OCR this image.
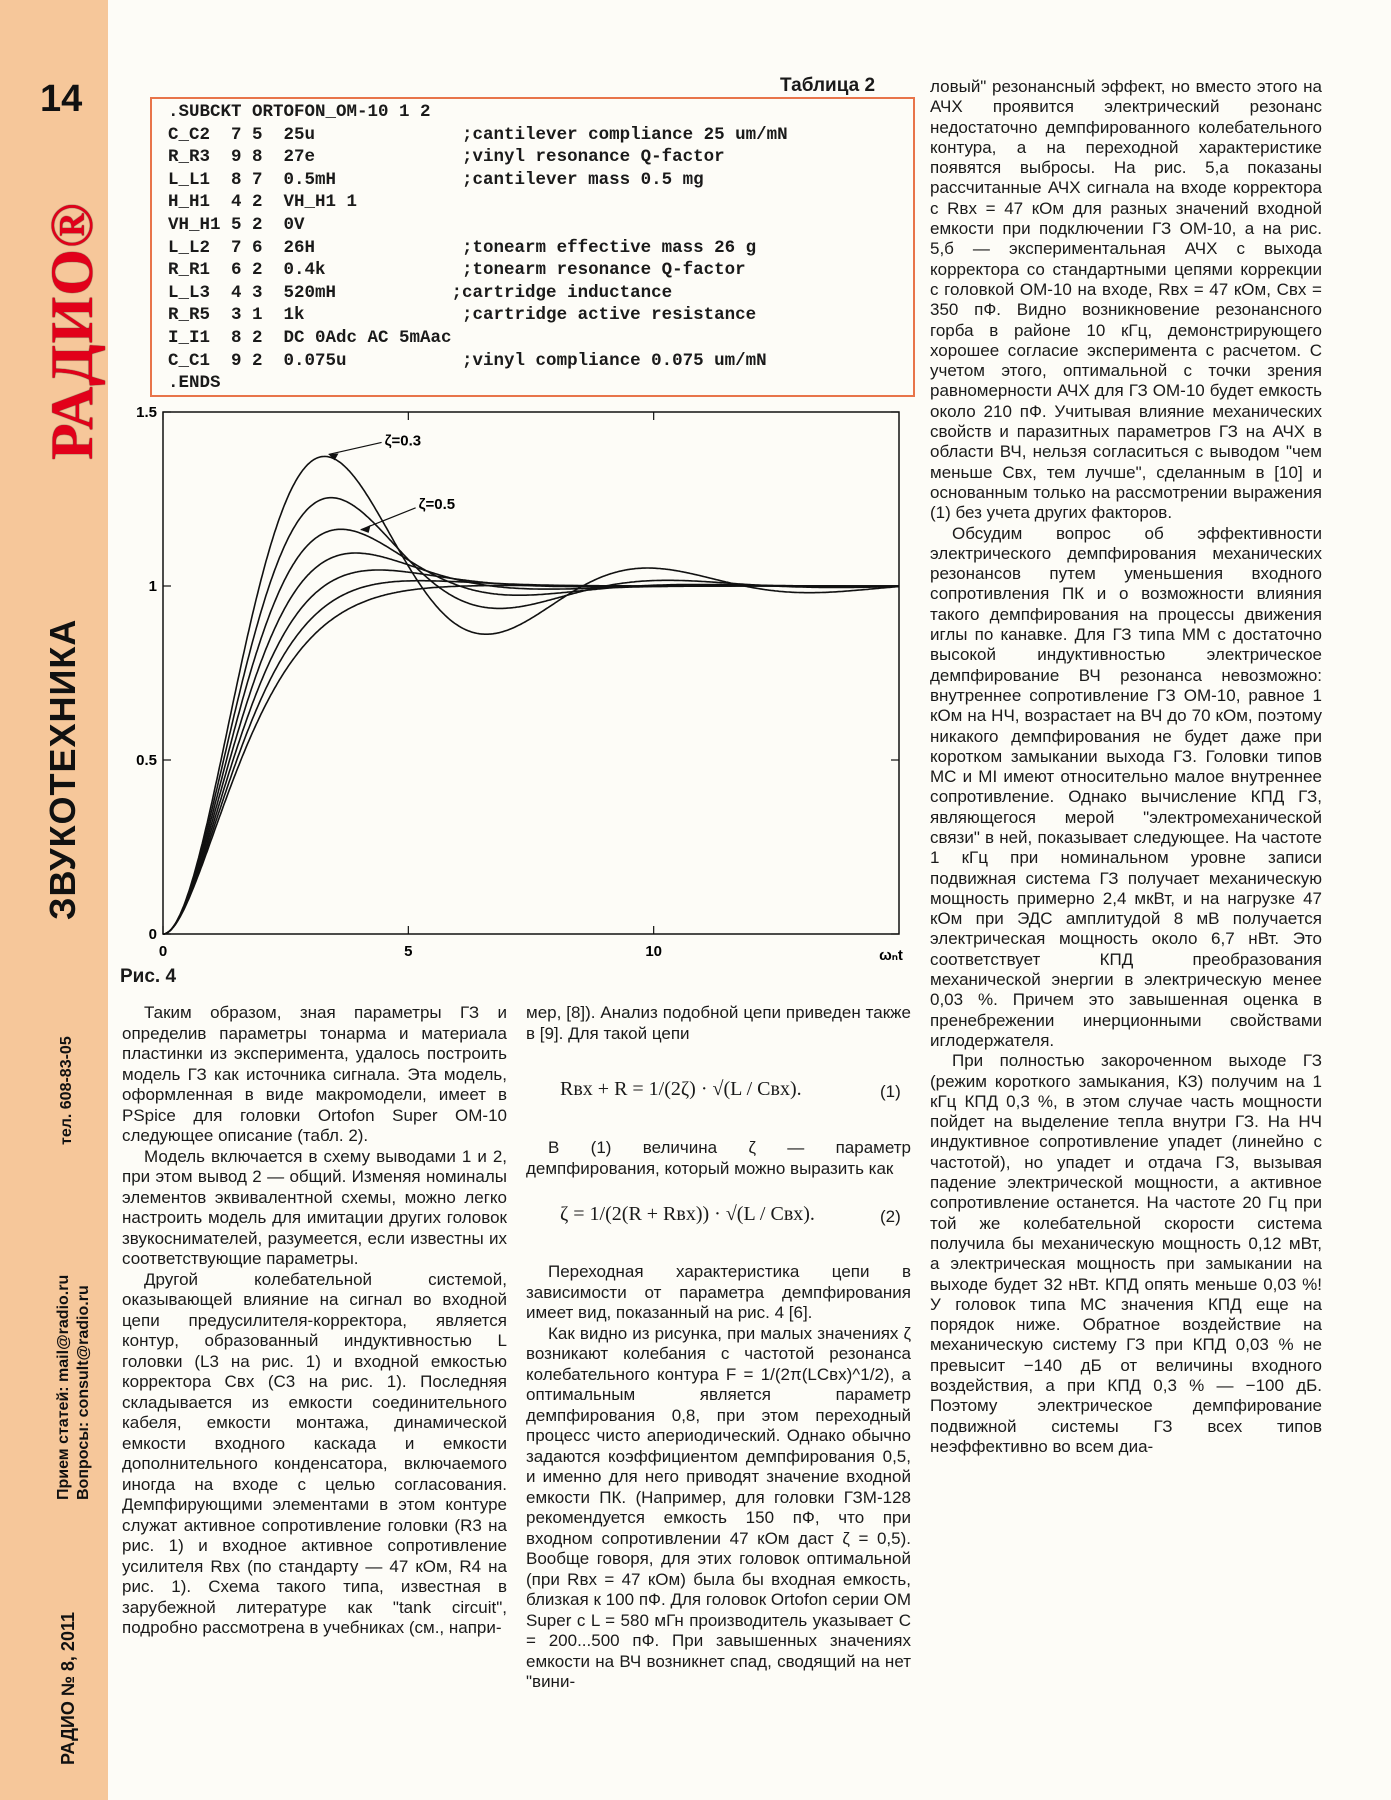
14
РАДИО®
ЗВУКОТЕХНИКА
тел. 608-83-05
Прием статей: mail@radio.ru Вопросы: consult@radio.ru
РАДИО № 8, 2011
Таблица 2
.SUBCKT ORTOFON_OM-10 1 2
C_C2  7 5  25u              ;cantilever compliance 25 um/mN
R_R3  9 8  27e              ;vinyl resonance Q-factor
L_L1  8 7  0.5mH            ;cantilever mass 0.5 mg
H_H1  4 2  VH_H1 1
VH_H1 5 2  0V
L_L2  7 6  26H              ;tonearm effective mass 26 g
R_R1  6 2  0.4k             ;tonearm resonance Q-factor
L_L3  4 3  520mH           ;cartridge inductance
R_R5  3 1  1k               ;cartridge active resistance
I_I1  8 2  DC 0Adc AC 5mAac
C_C1  9 2  0.075u           ;vinyl compliance 0.075 um/mN
.ENDS
0	5	10
0
0.5
1
1.5
ωₙt
ζ=0.3
ζ=0.5
Рис. 4

Таким образом, зная параметры ГЗ и определив параметры тонарма и материала пластинки из эксперимента, удалось построить модель ГЗ как источника сигнала. Эта модель, оформленная в виде макромодели, имеет в PSpice для головки Ortofon Super OM-10 следующее описание (табл. 2).

Модель включается в схему выводами 1 и 2, при этом вывод 2 — общий. Изменяя номиналы элементов эквивалентной схемы, можно легко настроить модель для имитации других головок звукоснимателей, разумеется, если известны их соответствующие параметры.

Другой колебательной системой, оказывающей влияние на сигнал во входной цепи предусилителя-корректора, является контур, образованный индуктивностью L головки (L3 на рис. 1) и входной емкостью корректора Свх (С3 на рис. 1). Последняя складывается из емкости соединительного кабеля, емкости монтажа, динамической емкости входного каскада и емкости дополнительного конденсатора, включаемого иногда на входе с целью согласования. Демпфирующими элементами в этом контуре служат активное сопротивление головки (R3 на рис. 1) и входное активное сопротивление усилителя Rвх (по стандарту — 47 кОм, R4 на рис. 1). Схема такого типа, известная в зарубежной литературе как "tank circuit", подробно рассмотрена в учебниках (см., напри-

мер, [8]). Анализ подобной цепи приведен также в [9]. Для такой цепи

Rвх + R = 1/(2ζ) · √(L / Cвх).	(1)

В (1) величина ζ — параметр демпфирования, который можно выразить как

ζ = 1/(2(R + Rвх)) · √(L / Cвх).	(2)

Переходная характеристика цепи в зависимости от параметра демпфирования имеет вид, показанный на рис. 4 [6].

Как видно из рисунка, при малых значениях ζ возникают колебания с частотой резонанса колебательного контура F = 1/(2π(LCвх)^1/2), а оптимальным является параметр демпфирования 0,8, при этом переходный процесс чисто апериодический. Однако обычно задаются коэффициентом демпфирования 0,5, и именно для него приводят значение входной емкости ПК. (Например, для головки ГЗМ-128 рекомендуется емкость 150 пФ, что при входном сопротивлении 47 кОм даст ζ = 0,5). Вообще говоря, для этих головок оптимальной (при Rвх = 47 кОм) была бы входная емкость, близкая к 100 пФ. Для головок Ortofon серии OM Super с L = 580 мГн производитель указывает С = 200...500 пФ. При завышенных значениях емкости на ВЧ возникнет спад, сводящий на нет "вини-

ловый" резонансный эффект, но вместо этого на АЧХ проявится электрический резонанс недостаточно демпфированного колебательного контура, а на переходной характеристике появятся выбросы. На рис. 5,а показаны рассчитанные АЧХ сигнала на входе корректора с Rвх = 47 кОм для разных значений входной емкости при подключении ГЗ ОМ-10, а на рис. 5,б — экспериментальная АЧХ с выхода корректора со стандартными цепями коррекции с головкой ОМ-10 на входе, Rвх = 47 кОм, Свх = 350 пФ. Видно возникновение резонансного горба в районе 10 кГц, демонстрирующего хорошее согласие эксперимента с расчетом. С учетом этого, оптимальной с точки зрения равномерности АЧХ для ГЗ ОМ-10 будет емкость около 210 пФ. Учитывая влияние механических свойств и паразитных параметров ГЗ на АЧХ в области ВЧ, нельзя согласиться с выводом "чем меньше Свх, тем лучше", сделанным в [10] и основанным только на рассмотрении выражения (1) без учета других факторов.

Обсудим вопрос об эффективности электрического демпфирования механических резонансов путем уменьшения входного сопротивления ПК и о возможности влияния такого демпфирования на процессы движения иглы по канавке. Для ГЗ типа ММ с достаточно высокой индуктивностью электрическое демпфирование ВЧ резонанса невозможно: внутреннее сопротивление ГЗ ОМ-10, равное 1 кОм на НЧ, возрастает на ВЧ до 70 кОм, поэтому никакого демпфирования не будет даже при коротком замыкании выхода ГЗ. Головки типов МС и MI имеют относительно малое внутреннее сопротивление. Однако вычисление КПД ГЗ, являющегося мерой "электромеханической связи" в ней, показывает следующее. На частоте 1 кГц при номинальном уровне записи подвижная система ГЗ получает механическую мощность примерно 2,4 мкВт, и на нагрузке 47 кОм при ЭДС амплитудой 8 мВ получается электрическая мощность около 6,7 нВт. Это соответствует КПД преобразования механической энергии в электрическую менее 0,03 %. Причем это завышенная оценка в пренебрежении инерционными свойствами иглодержателя.

При полностью закороченном выходе ГЗ (режим короткого замыкания, КЗ) получим на 1 кГц КПД 0,3 %, в этом случае часть мощности пойдет на выделение тепла внутри ГЗ. На НЧ индуктивное сопротивление упадет (линейно с частотой), но упадет и отдача ГЗ, вызывая падение электрической мощности, а активное сопротивление останется. На частоте 20 Гц при той же колебательной скорости система получила бы механическую мощность 0,12 мВт, а электрическая мощность при замыкании на выходе будет 32 нВт. КПД опять меньше 0,03 %! У головок типа МС значения КПД еще на порядок ниже. Обратное воздействие на механическую систему ГЗ при КПД 0,03 % не превысит −140 дБ от величины входного воздействия, а при КПД 0,3 % — −100 дБ. Поэтому электрическое демпфирование подвижной системы ГЗ всех типов неэффективно во всем диа-
